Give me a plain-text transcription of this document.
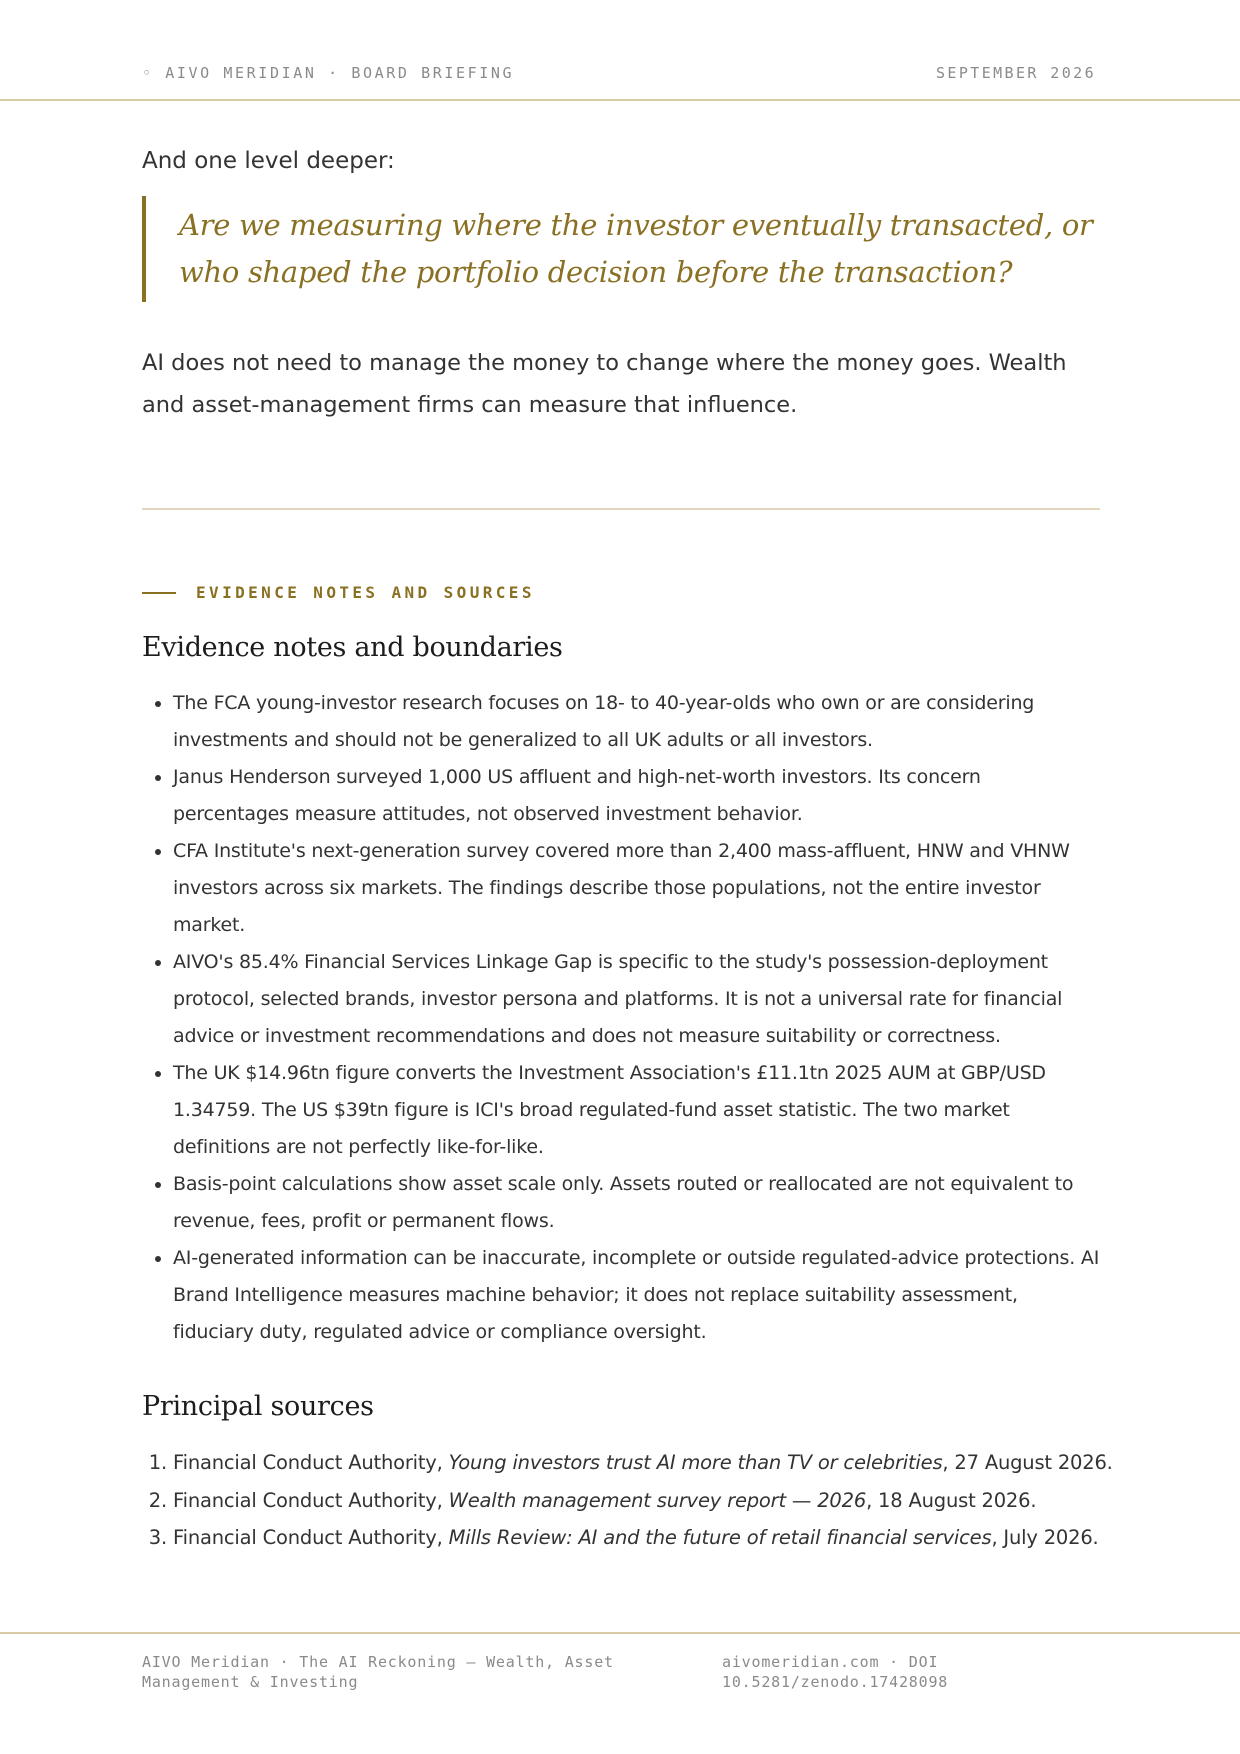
◦ AIVO MERIDIAN · BOARD BRIEFING	SEPTEMBER 2026

And one level deeper:

Are we measuring where the investor eventually transacted, or who shaped the portfolio decision before the transaction?

AI does not need to manage the money to change where the money goes. Wealth and asset-management firms can measure that influence.

EVIDENCE NOTES AND SOURCES
Evidence notes and boundaries
• The FCA young-investor research focuses on 18- to 40-year-olds who own or are considering investments and should not be generalized to all UK adults or all investors.
• Janus Henderson surveyed 1,000 US affluent and high-net-worth investors. Its concern percentages measure attitudes, not observed investment behavior.
• CFA Institute's next-generation survey covered more than 2,400 mass-affluent, HNW and VHNW investors across six markets. The findings describe those populations, not the entire investor market.
• AIVO's 85.4% Financial Services Linkage Gap is specific to the study's possession-deployment protocol, selected brands, investor persona and platforms. It is not a universal rate for financial advice or investment recommendations and does not measure suitability or correctness.
• The UK $14.96tn figure converts the Investment Association's £11.1tn 2025 AUM at GBP/USD 1.34759. The US $39tn figure is ICI's broad regulated-fund asset statistic. The two market definitions are not perfectly like-for-like.
• Basis-point calculations show asset scale only. Assets routed or reallocated are not equivalent to revenue, fees, profit or permanent flows.
• AI-generated information can be inaccurate, incomplete or outside regulated-advice protections. AI Brand Intelligence measures machine behavior; it does not replace suitability assessment, fiduciary duty, regulated advice or compliance oversight.
Principal sources
1. Financial Conduct Authority, Young investors trust AI more than TV or celebrities, 27 August 2026.
2. Financial Conduct Authority, Wealth management survey report — 2026, 18 August 2026.
3. Financial Conduct Authority, Mills Review: AI and the future of retail financial services, July 2026.
AIVO Meridian · The AI Reckoning — Wealth, Asset Management & Investing
aivomeridian.com · DOI 10.5281/zenodo.17428098
